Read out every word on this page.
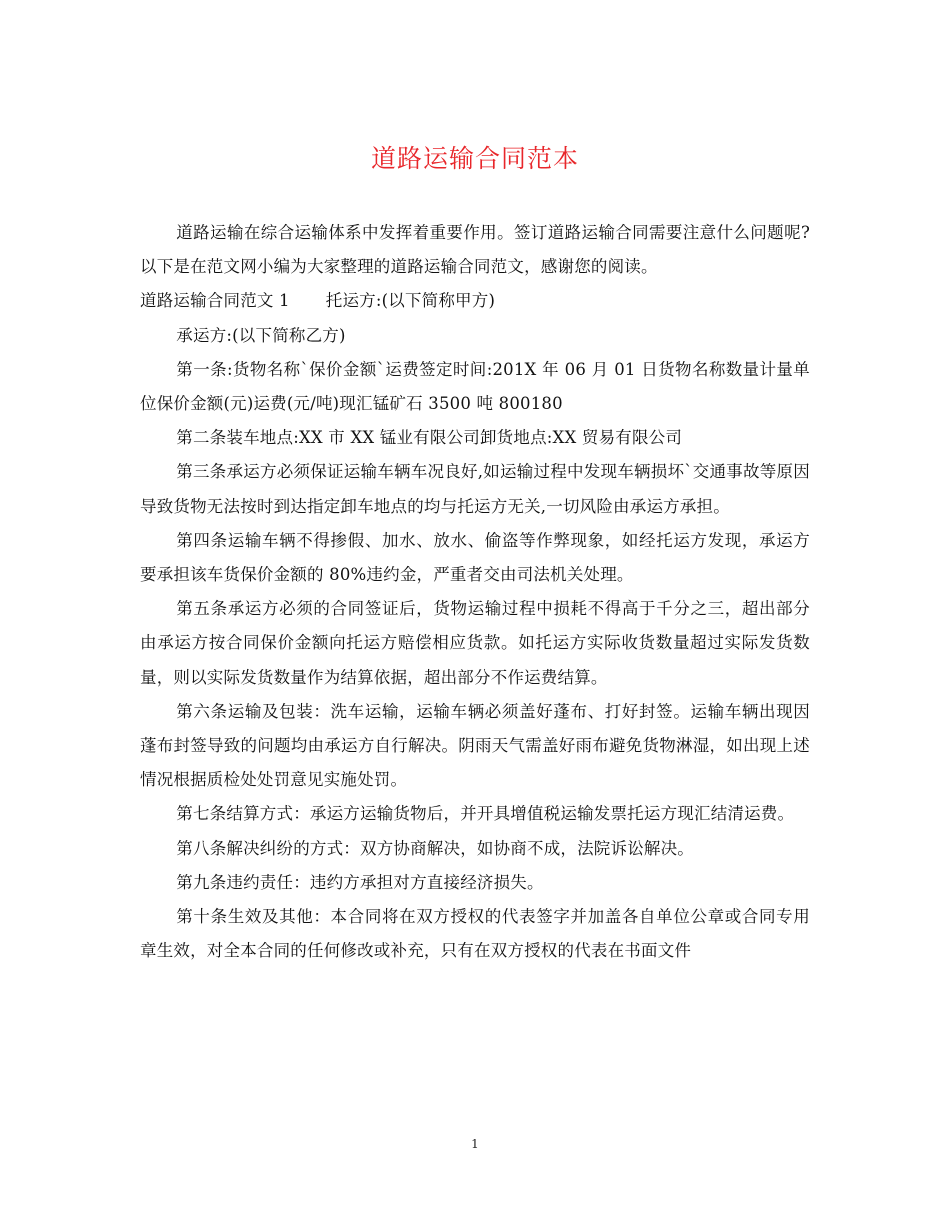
道路运输合同范本

道路运输在综合运输体系中发挥着重要作用。签订道路运输合同需要注意什么问题呢?以下是在范文网小编为大家整理的道路运输合同范文，感谢您的阅读。

道路运输合同范文 1 托运方:(以下简称甲方)

承运方:(以下简称乙方)

第一条:货物名称`保价金额`运费签定时间:201X 年 06 月 01 日货物名称数量计量单位保价金额(元)运费(元/吨)现汇锰矿石 3500 吨 800180

第二条装车地点:XX 市 XX 锰业有限公司卸货地点:XX 贸易有限公司

第三条承运方必须保证运输车辆车况良好,如运输过程中发现车辆损坏`交通事故等原因导致货物无法按时到达指定卸车地点的均与托运方无关,一切风险由承运方承担。

第四条运输车辆不得掺假、加水、放水、偷盗等作弊现象，如经托运方发现，承运方要承担该车货保价金额的 80%违约金，严重者交由司法机关处理。

第五条承运方必须的合同签证后，货物运输过程中损耗不得高于千分之三，超出部分由承运方按合同保价金额向托运方赔偿相应货款。如托运方实际收货数量超过实际发货数量，则以实际发货数量作为结算依据，超出部分不作运费结算。

第六条运输及包装：洗车运输，运输车辆必须盖好蓬布、打好封签。运输车辆出现因蓬布封签导致的问题均由承运方自行解决。阴雨天气需盖好雨布避免货物淋湿，如出现上述情况根据质检处处罚意见实施处罚。

第七条结算方式：承运方运输货物后，并开具增值税运输发票托运方现汇结清运费。

第八条解决纠纷的方式：双方协商解决，如协商不成，法院诉讼解决。

第九条违约责任：违约方承担对方直接经济损失。

第十条生效及其他：本合同将在双方授权的代表签字并加盖各自单位公章或合同专用章生效，对全本合同的任何修改或补充，只有在双方授权的代表在书面文件

1
